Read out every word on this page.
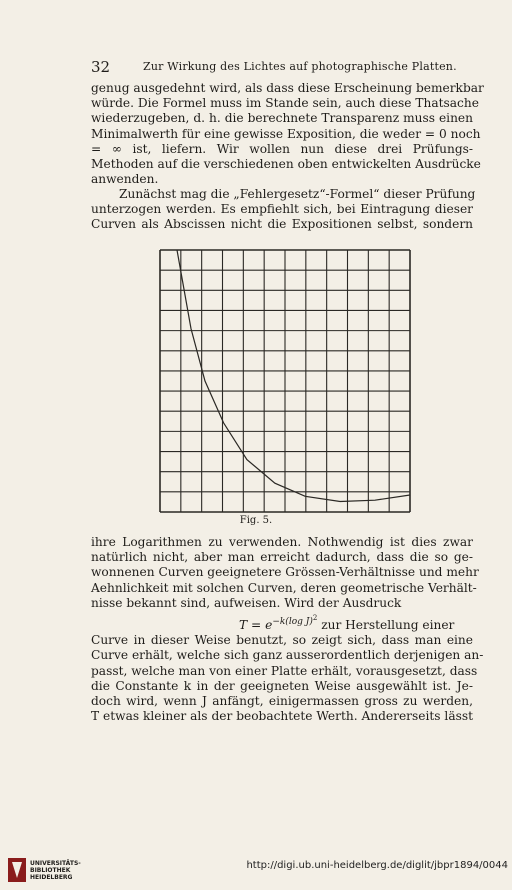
32	Zur Wirkung des Lichtes auf photographische Platten.
genug ausgedehnt wird, als dass diese Erscheinung bemerkbar
würde. Die Formel muss im Stande sein, auch diese Thatsache
wiederzugeben, d. h. die berechnete Transparenz muss einen
Minimalwerth für eine gewisse Exposition, die weder = 0 noch
= ∞ ist, liefern. Wir wollen nun diese drei Prüfungs-
Methoden auf die verschiedenen oben entwickelten Ausdrücke
anwenden.
Zunächst mag die „Fehlergesetz“-Formel“ dieser Prüfung
unterzogen werden. Es empfiehlt sich, bei Eintragung dieser
Curven als Abscissen nicht die Expositionen selbst, sondern
Fig. 5.
ihre Logarithmen zu verwenden. Nothwendig ist dies zwar
natürlich nicht, aber man erreicht dadurch, dass die so ge-
wonnenen Curven geeignetere Grössen-Verhältnisse und mehr
Aehnlichkeit mit solchen Curven, deren geometrische Verhält-
nisse bekannt sind, aufweisen. Wird der Ausdruck
$T = e^{-k(log J)^2}$ zur Herstellung einer
Curve in dieser Weise benutzt, so zeigt sich, dass man eine
Curve erhält, welche sich ganz ausserordentlich derjenigen an-
passt, welche man von einer Platte erhält, vorausgesetzt, dass
die Constante k in der geeigneten Weise ausgewählt ist. Je-
doch wird, wenn J anfängt, einigermassen gross zu werden,
T etwas kleiner als der beobachtete Werth. Andererseits lässt
UNIVERSITÄTS-
BIBLIOTHEK
HEIDELBERG
http://digi.ub.uni-heidelberg.de/diglit/jbpr1894/0044
